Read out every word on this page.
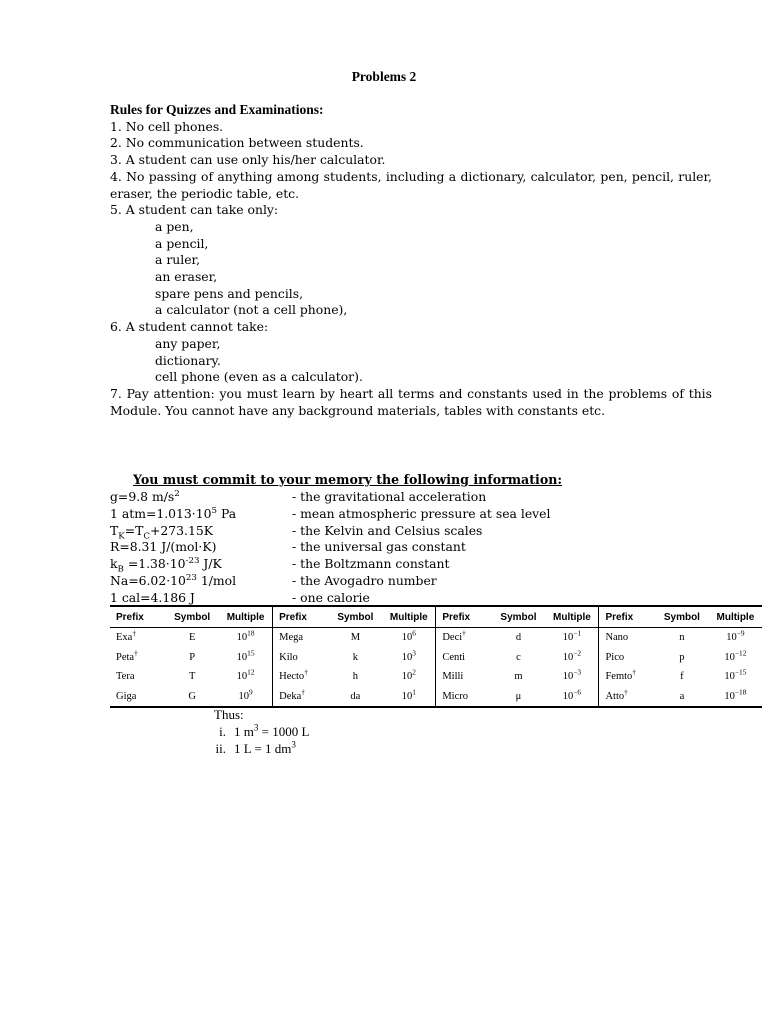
Problems 2
Rules for Quizzes and Examinations:
1. No cell phones.
2. No communication between students.
3. A student can use only his/her calculator.
4. No passing of anything among students, including a dictionary, calculator, pen, pencil, ruler, eraser, the periodic table, etc.
5. A student can take only:
a pen,
a pencil,
a ruler,
an eraser,
spare pens and pencils,
a calculator (not a cell phone),
6. A student cannot take:
any paper,
dictionary.
cell phone (even as a calculator).
7. Pay attention: you must learn by heart all terms and constants used in the problems of this Module. You cannot have any background materials, tables with constants etc.
You must commit to your memory the following information:
g=9.8 $m/s^2$	- the gravitational acceleration
1 $atm=1.013\cdot 10^5$ Pa	- mean atmospheric pressure at sea level
$T_K=T_C+273.15K$	- the Kelvin and Celsius scales
R=8.31 J/(mol·K)	- the universal gas constant
$k_B =1.38\cdot 10^{-23}$ J/K	- the Boltzmann constant
$Na=6.02\cdot 10^{23}$ 1/mol	- the Avogadro number
1 cal=4.186 J	- one calorie
Prefix	Symbol	Multiple	Prefix	Symbol	Multiple	Prefix	Symbol	Multiple	Prefix	Symbol	Multiple
Exa†	E	$10^{18}$	Mega	M	$10^6$	Deci†	d	$10^{-1}$	Nano	n	$10^{-9}$
Peta†	P	$10^{15}$	Kilo	k	$10^3$	Centi	c	$10^{-2}$	Pico	p	$10^{-12}$
Tera	T	$10^{12}$	Hecto†	h	$10^2$	Milli	m	$10^{-3}$	Femto†	f	$10^{-15}$
Giga	G	$10^9$	Deka†	da	$10^1$	Micro	μ	$10^{-6}$	Atto†	a	$10^{-18}$
Thus:
i. 1 $m^3 = 1000$ L
ii. 1 L = 1 $dm^3$
